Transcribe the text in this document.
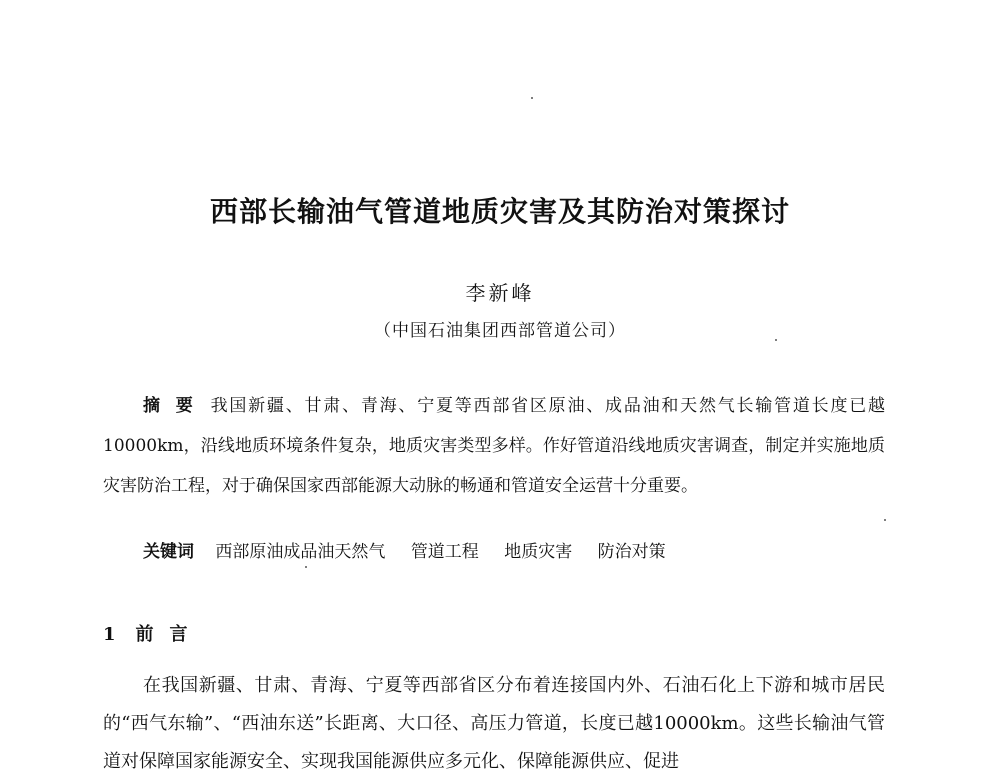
西部长输油气管道地质灾害及其防治对策探讨
李新峰
（中国石油集团西部管道公司）

摘要 我国新疆、甘肃、青海、宁夏等西部省区原油、成品油和天然气长输管道长度已越10000km，沿线地质环境条件复杂，地质灾害类型多样。作好管道沿线地质灾害调查，制定并实施地质灾害防治工程，对于确保国家西部能源大动脉的畅通和管道安全运营十分重要。

关键词 西部原油成品油天然气 管道工程 地质灾害 防治对策
1 前言

在我国新疆、甘肃、青海、宁夏等西部省区分布着连接国内外、石油石化上下游和城市居民的“西气东输”、“西油东送”长距离、大口径、高压力管道，长度已越10000km。这些长输油气管道对保障国家能源安全、实现我国能源供应多元化、保障能源供应、促进
